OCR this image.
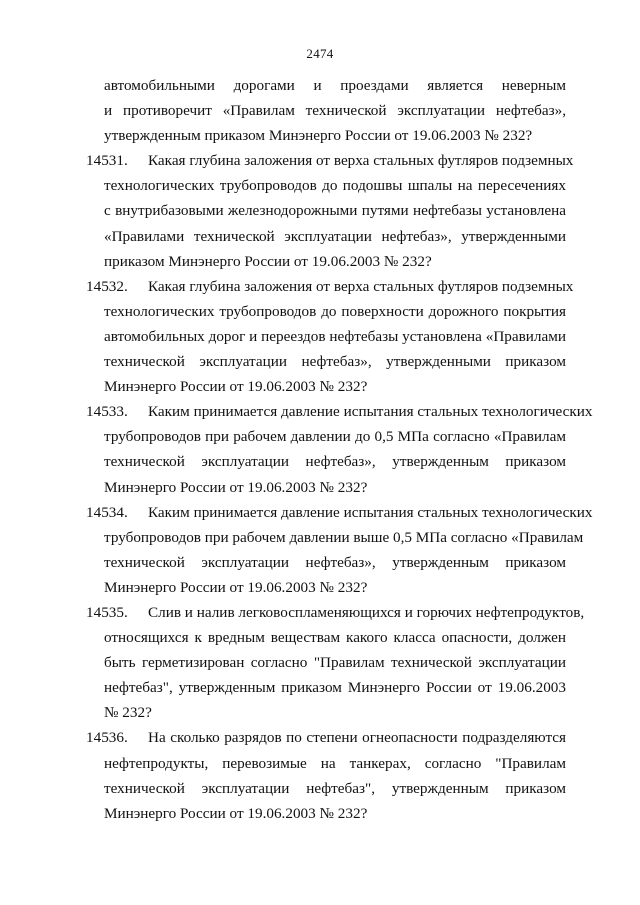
2474
автомобильными дорогами и проездами является неверным
и противоречит «Правилам технической эксплуатации нефтебаз»,
утвержденным приказом Минэнерго России от 19.06.2003 № 232?
14531.	Какая глубина заложения от верха стальных футляров подземных
технологических трубопроводов до подошвы шпалы на пересечениях
с внутрибазовыми железнодорожными путями нефтебазы установлена
«Правилами технической эксплуатации нефтебаз», утвержденными
приказом Минэнерго России от 19.06.2003 № 232?
14532.	Какая глубина заложения от верха стальных футляров подземных
технологических трубопроводов до поверхности дорожного покрытия
автомобильных дорог и переездов нефтебазы установлена «Правилами
технической эксплуатации нефтебаз», утвержденными приказом
Минэнерго России от 19.06.2003 № 232?
14533.	Каким принимается давление испытания стальных технологических
трубопроводов при рабочем давлении до 0,5 МПа согласно «Правилам
технической эксплуатации нефтебаз», утвержденным приказом
Минэнерго России от 19.06.2003 № 232?
14534.	Каким принимается давление испытания стальных технологических
трубопроводов при рабочем давлении выше 0,5 МПа согласно «Правилам
технической эксплуатации нефтебаз», утвержденным приказом
Минэнерго России от 19.06.2003 № 232?
14535.	Слив и налив легковоспламеняющихся и горючих нефтепродуктов,
относящихся к вредным веществам какого класса опасности, должен
быть герметизирован согласно "Правилам технической эксплуатации
нефтебаз", утвержденным приказом Минэнерго России от 19.06.2003
№ 232?
14536.	На сколько разрядов по степени огнеопасности подразделяются
нефтепродукты, перевозимые на танкерах, согласно "Правилам
технической эксплуатации нефтебаз", утвержденным приказом
Минэнерго России от 19.06.2003 № 232?
